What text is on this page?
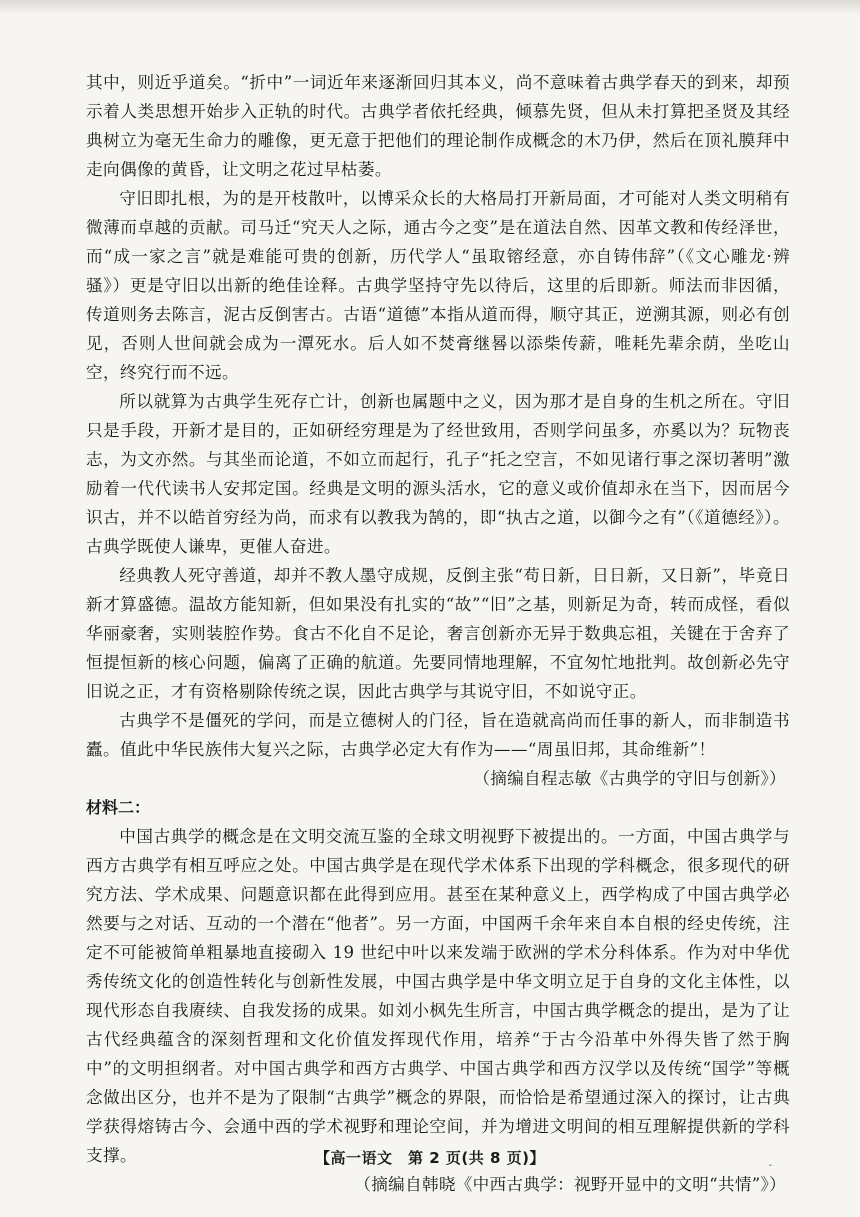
其中，则近乎道矣。“折中”一词近年来逐渐回归其本义，尚不意味着古典学春天的到来，却预示着人类思想开始步入正轨的时代。古典学者依托经典，倾慕先贤，但从未打算把圣贤及其经典树立为毫无生命力的雕像，更无意于把他们的理论制作成概念的木乃伊，然后在顶礼膜拜中走向偶像的黄昏，让文明之花过早枯萎。

守旧即扎根，为的是开枝散叶，以博采众长的大格局打开新局面，才可能对人类文明稍有微薄而卓越的贡献。司马迁“究天人之际，通古今之变”是在道法自然、因革文教和传经泽世，而“成一家之言”就是难能可贵的创新，历代学人“虽取镕经意，亦自铸伟辞”（《文心雕龙·辨骚》）更是守旧以出新的绝佳诠释。古典学坚持守先以待后，这里的后即新。师法而非因循，传道则务去陈言，泥古反倒害古。古语“道德”本指从道而得，顺守其正，逆溯其源，则必有创见，否则人世间就会成为一潭死水。后人如不焚膏继晷以添柴传薪，唯耗先辈余荫，坐吃山空，终究行而不远。

所以就算为古典学生死存亡计，创新也属题中之义，因为那才是自身的生机之所在。守旧只是手段，开新才是目的，正如研经穷理是为了经世致用，否则学问虽多，亦奚以为？玩物丧志，为文亦然。与其坐而论道，不如立而起行，孔子“托之空言，不如见诸行事之深切著明”激励着一代代读书人安邦定国。经典是文明的源头活水，它的意义或价值却永在当下，因而居今识古，并不以皓首穷经为尚，而求有以教我为鹄的，即“执古之道，以御今之有”（《道德经》）。古典学既使人谦卑，更催人奋进。

经典教人死守善道，却并不教人墨守成规，反倒主张“苟日新，日日新，又日新”，毕竟日新才算盛德。温故方能知新，但如果没有扎实的“故”“旧”之基，则新足为奇，转而成怪，看似华丽豪奢，实则装腔作势。食古不化自不足论，奢言创新亦无异于数典忘祖，关键在于舍弃了恒提恒新的核心问题，偏离了正确的航道。先要同情地理解，不宜匆忙地批判。故创新必先守旧说之正，才有资格剔除传统之误，因此古典学与其说守旧，不如说守正。

古典学不是僵死的学问，而是立德树人的门径，旨在造就高尚而任事的新人，而非制造书蠹。值此中华民族伟大复兴之际，古典学必定大有作为——“周虽旧邦，其命维新”！

（摘编自程志敏《古典学的守旧与创新》）

材料二：

中国古典学的概念是在文明交流互鉴的全球文明视野下被提出的。一方面，中国古典学与西方古典学有相互呼应之处。中国古典学是在现代学术体系下出现的学科概念，很多现代的研究方法、学术成果、问题意识都在此得到应用。甚至在某种意义上，西学构成了中国古典学必然要与之对话、互动的一个潜在“他者”。另一方面，中国两千余年来自本自根的经史传统，注定不可能被简单粗暴地直接砌入 19 世纪中叶以来发端于欧洲的学术分科体系。作为对中华优秀传统文化的创造性转化与创新性发展，中国古典学是中华文明立足于自身的文化主体性，以现代形态自我赓续、自我发扬的成果。如刘小枫先生所言，中国古典学概念的提出，是为了让古代经典蕴含的深刻哲理和文化价值发挥现代作用，培养“于古今沿革中外得失皆了然于胸中”的文明担纲者。对中国古典学和西方古典学、中国古典学和西方汉学以及传统“国学”等概念做出区分，也并不是为了限制“古典学”概念的界限，而恰恰是希望通过深入的探讨，让古典学获得熔铸古今、会通中西的学术视野和理论空间，并为增进文明间的相互理解提供新的学科支撑。

（摘编自韩晓《中西古典学：视野开显中的文明“共情”》）

【高一语文　第 2 页(共 8 页)】	-
